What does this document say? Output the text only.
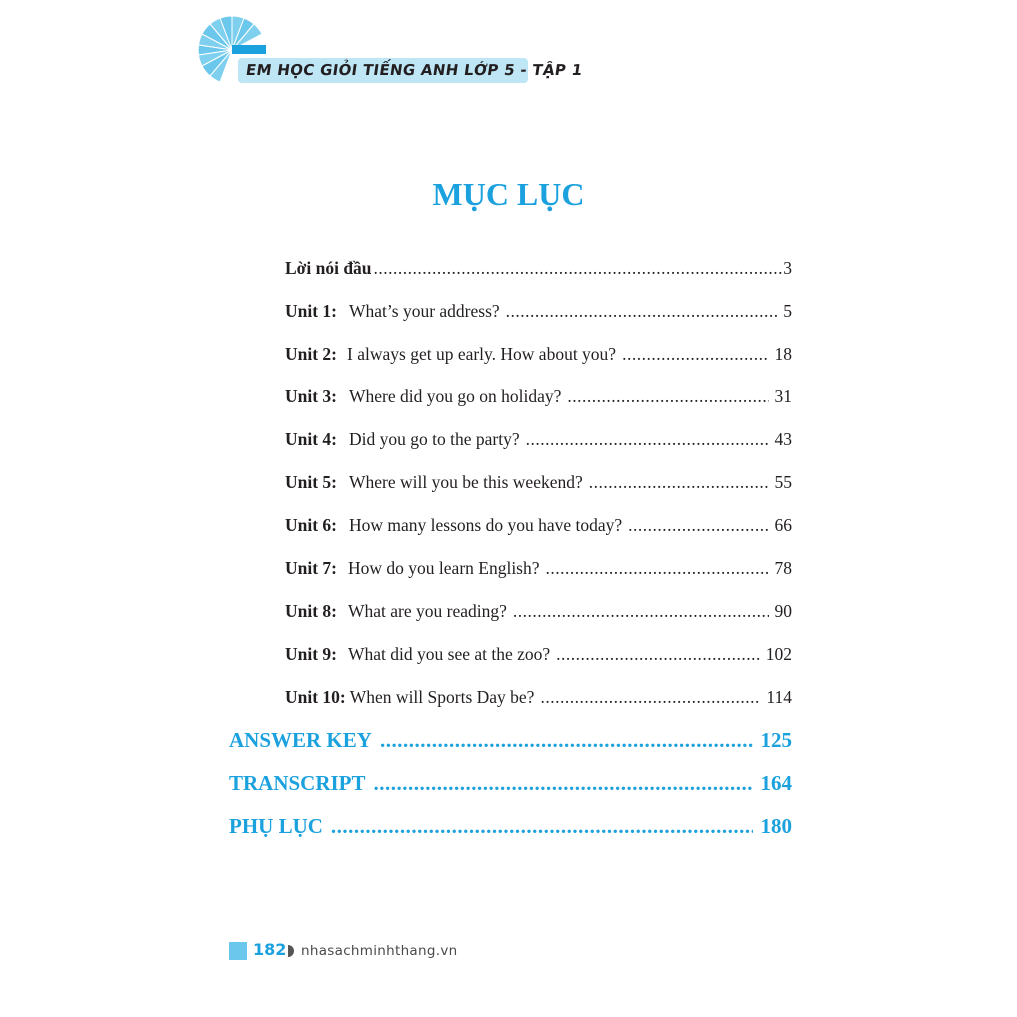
EM HỌC GIỎI TIẾNG ANH LỚP 5 - TẬP 1
MỤC LỤC
Lời nói đầu .....	3
Unit 1: What’s your address? .....	5
Unit 2: I always get up early. How about you? .....	18
Unit 3: Where did you go on holiday? .....	31
Unit 4: Did you go to the party? .....	43
Unit 5: Where will you be this weekend? .....	55
Unit 6: How many lessons do you have today? .....	66
Unit 7: How do you learn English? .....	78
Unit 8: What are you reading? .....	90
Unit 9: What did you see at the zoo? .....	102
Unit 10: When will Sports Day be? .....	114
ANSWER KEY .....	125
TRANSCRIPT .....	164
PHỤ LỤC .....	180
182 nhasachminhthang.vn
